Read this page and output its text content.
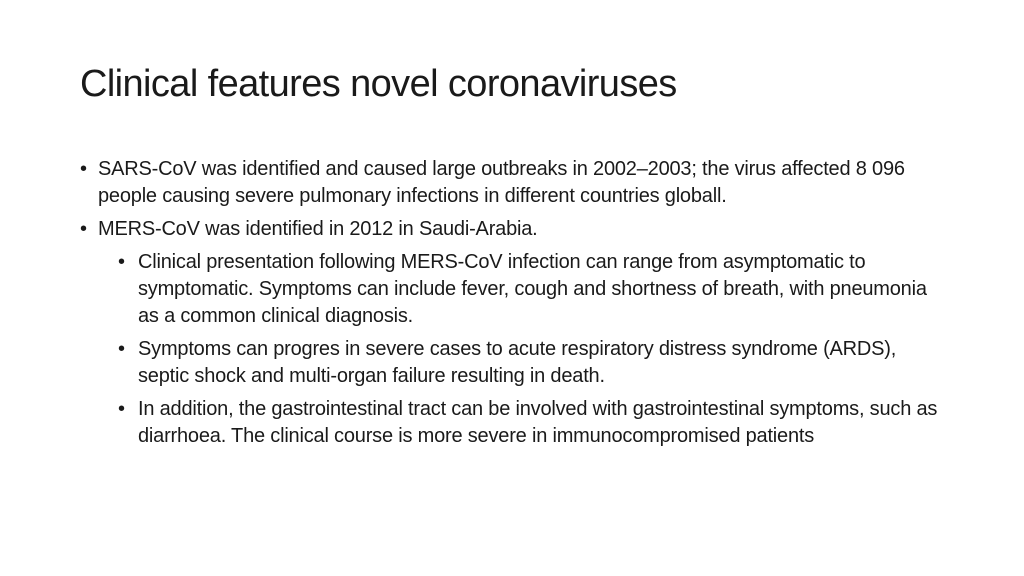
Clinical features novel coronaviruses
• SARS-CoV was identified and caused large outbreaks in 2002–2003; the virus affected 8 096 people causing severe pulmonary infections in different countries globall.
• MERS-CoV was identified in 2012 in Saudi-Arabia.
• Clinical presentation following MERS-CoV infection can range from asymptomatic to symptomatic. Symptoms can include fever, cough and shortness of breath, with pneumonia as a common clinical diagnosis.
• Symptoms can progres in severe cases to acute respiratory distress syndrome (ARDS), septic shock and multi-organ failure resulting in death.
• In addition, the gastrointestinal tract can be involved with gastrointestinal symptoms, such as diarrhoea. The clinical course is more severe in immunocompromised patients
